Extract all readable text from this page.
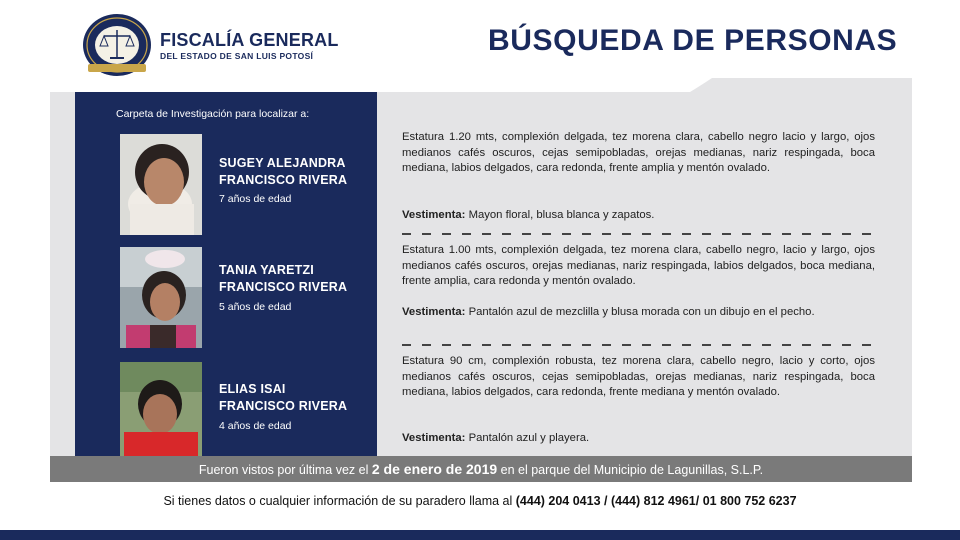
FISCALÍA GENERAL
DEL ESTADO DE SAN LUIS POTOSÍ	BÚSQUEDA DE PERSONAS
Carpeta de Investigación para localizar a:
SUGEY ALEJANDRA
FRANCISCO RIVERA
7 años de edad
TANIA YARETZI
FRANCISCO RIVERA
5 años de edad
ELIAS ISAI
FRANCISCO RIVERA
4 años de edad
Estatura 1.20 mts, complexión delgada, tez morena clara, cabello negro lacio y largo, ojos medianos cafés oscuros, cejas semipobladas, orejas medianas, nariz respingada, boca mediana, labios delgados, cara redonda, frente amplia y mentón ovalado.
Vestimenta: Mayon floral, blusa blanca y zapatos.
Estatura 1.00 mts, complexión delgada, tez morena clara, cabello negro, lacio y largo, ojos medianos cafés oscuros, orejas medianas, nariz respingada, labios delgados, boca mediana, frente amplia, cara redonda y mentón ovalado.
Vestimenta: Pantalón azul de mezclilla y blusa morada con un dibujo en el pecho.
Estatura 90 cm, complexión robusta, tez morena clara, cabello negro, lacio y corto, ojos medianos cafés oscuros, cejas semipobladas, orejas medianas, nariz respingada, boca mediana, labios delgados, cara redonda, frente mediana y mentón ovalado.
Vestimenta: Pantalón azul y playera.
Fueron vistos por última vez el 2 de enero de 2019 en el parque del Municipio de Lagunillas, S.L.P.
Si tienes datos o cualquier información de su paradero llama al (444) 204 0413 / (444) 812 4961/ 01 800 752 6237
